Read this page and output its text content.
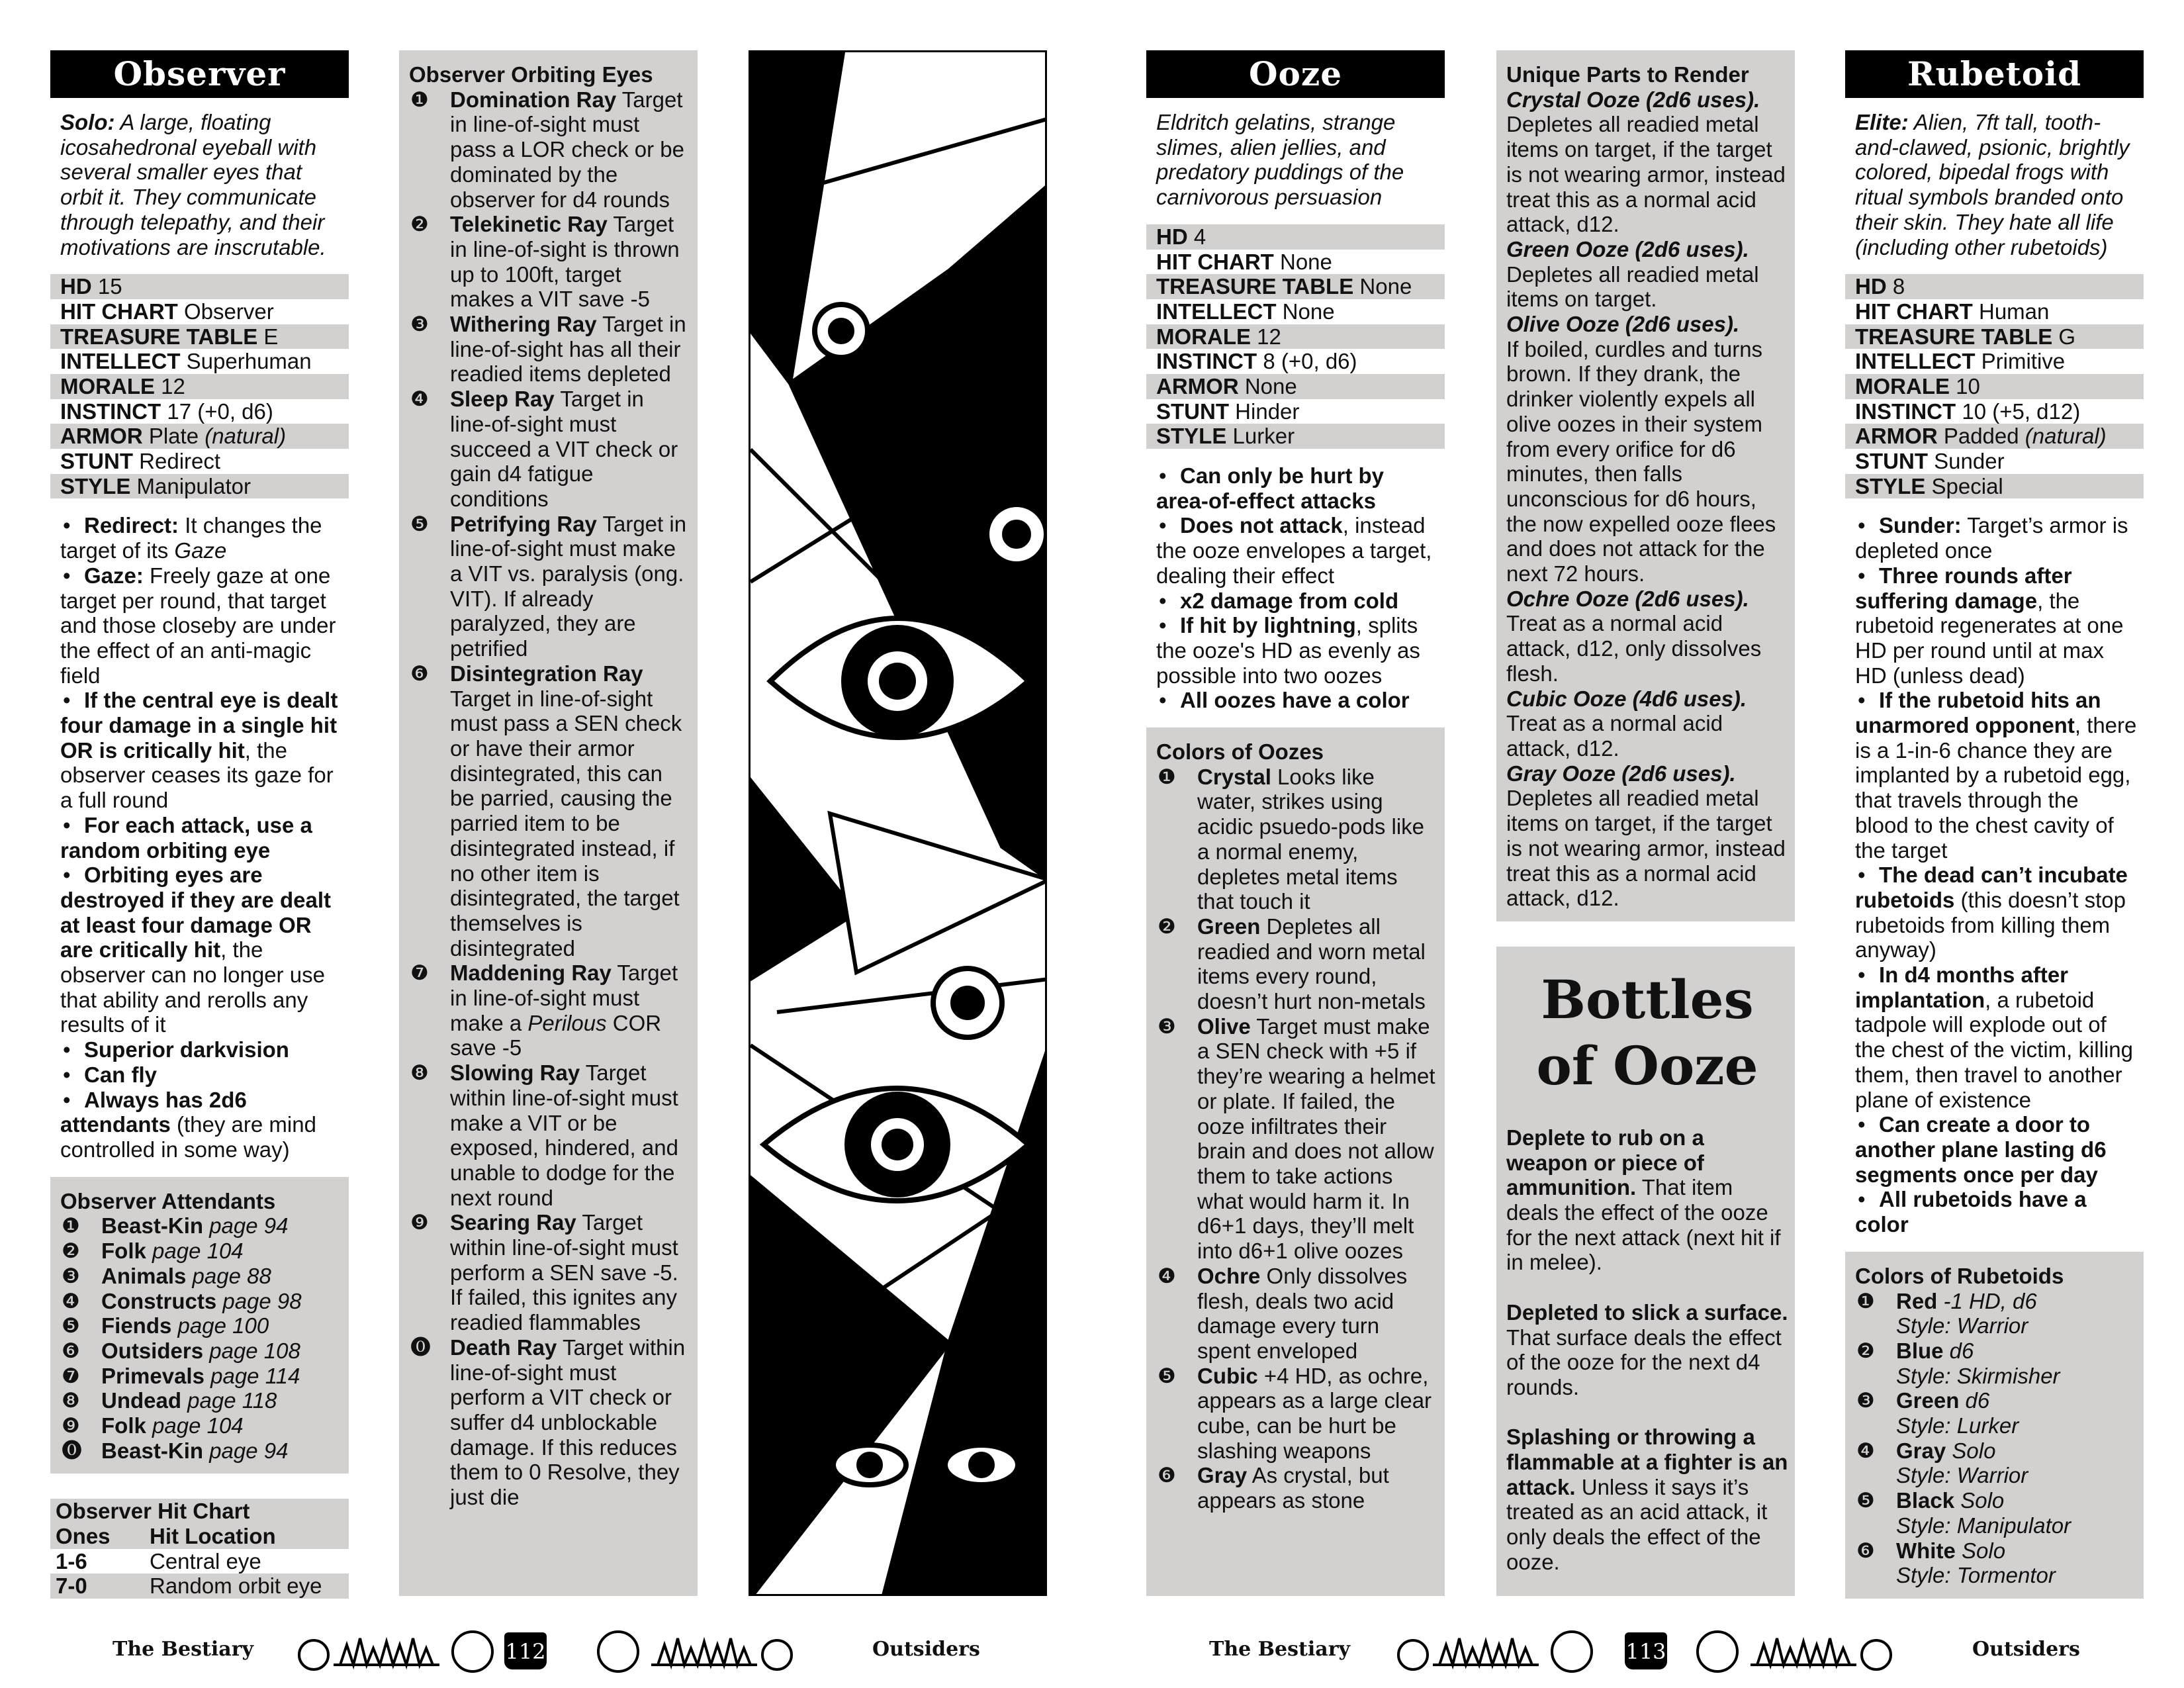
Observer

Solo: A large, floating icosahedronal eyeball with several smaller eyes that orbit it. They communicate through telepathy, and their motivations are inscrutable.

HD 15
HIT CHART Observer
TREASURE TABLE E
INTELLECT Superhuman
MORALE 12
INSTINCT 17 (+0, d6)
ARMOR Plate (natural)
STUNT Redirect
STYLE Manipulator
• Redirect: It changes the target of its Gaze
• Gaze: Freely gaze at one target per round, that target and those closeby are under the effect of an anti-magic field
• If the central eye is dealt four damage in a single hit OR is critically hit, the observer ceases its gaze for a full round
• For each attack, use a random orbiting eye
• Orbiting eyes are destroyed if they are dealt at least four damage OR are critically hit, the observer can no longer use that ability and rerolls any results of it
• Superior darkvision
• Can fly
• Always has 2d6 attendants (they are mind controlled in some way)
Observer Attendants
❶ Beast-Kin page 94
❷ Folk page 104
❸ Animals page 88
❹ Constructs page 98
❺ Fiends page 100
❻ Outsiders page 108
❼ Primevals page 114
❽ Undead page 118
❾ Folk page 104
⓿ Beast-Kin page 94
Observer Hit Chart
Ones	Hit Location
1-6	Central eye
7-0	Random orbit eye
Observer Orbiting Eyes
❶ Domination Ray Target in line-of-sight must pass a LOR check or be dominated by the observer for d4 rounds
❷ Telekinetic Ray Target in line-of-sight is thrown up to 100ft, target makes a VIT save -5
❸ Withering Ray Target in line-of-sight has all their readied items depleted
❹ Sleep Ray Target in line-of-sight must succeed a VIT check or gain d4 fatigue conditions
❺ Petrifying Ray Target in line-of-sight must make a VIT vs. paralysis (ong. VIT). If already paralyzed, they are petrified
❻ Disintegration Ray Target in line-of-sight must pass a SEN check or have their armor disintegrated, this can be parried, causing the parried item to be disintegrated instead, if no other item is disintegrated, the target themselves is disintegrated
❼ Maddening Ray Target in line-of-sight must make a Perilous COR save -5
❽ Slowing Ray Target within line-of-sight must make a VIT or be exposed, hindered, and unable to dodge for the next round
❾ Searing Ray Target within line-of-sight must perform a SEN save -5. If failed, this ignites any readied flammables
⓿ Death Ray Target within line-of-sight must perform a VIT check or suffer d4 unblockable damage. If this reduces them to 0 Resolve, they just die
The Bestiary	112	Outsiders
Ooze

Eldritch gelatins, strange slimes, alien jellies, and predatory puddings of the carnivorous persuasion

HD 4
HIT CHART None
TREASURE TABLE None
INTELLECT None
MORALE 12
INSTINCT 8 (+0, d6)
ARMOR None
STUNT Hinder
STYLE Lurker
• Can only be hurt by area-of-effect attacks
• Does not attack, instead the ooze envelopes a target, dealing their effect
• x2 damage from cold
• If hit by lightning, splits the ooze's HD as evenly as possible into two oozes
• All oozes have a color
Colors of Oozes
❶ Crystal Looks like water, strikes using acidic psuedo-pods like a normal enemy, depletes metal items that touch it
❷ Green Depletes all readied and worn metal items every round, doesn’t hurt non-metals
❸ Olive Target must make a SEN check with +5 if they’re wearing a helmet or plate. If failed, the ooze infiltrates their brain and does not allow them to take actions what would harm it. In d6+1 days, they’ll melt into d6+1 olive oozes
❹ Ochre Only dissolves flesh, deals two acid damage every turn spent enveloped
❺ Cubic +4 HD, as ochre, appears as a large clear cube, can be hurt be slashing weapons
❻ Gray As crystal, but appears as stone
Unique Parts to Render

Crystal Ooze (2d6 uses).
Depletes all readied metal items on target, if the target is not wearing armor, instead treat this as a normal acid attack, d12.

Green Ooze (2d6 uses).
Depletes all readied metal items on target.

Olive Ooze (2d6 uses).
If boiled, curdles and turns brown. If they drank, the drinker violently expels all olive oozes in their system from every orifice for d6 minutes, then falls unconscious for d6 hours, the now expelled ooze flees and does not attack for the next 72 hours.

Ochre Ooze (2d6 uses).
Treat as a normal acid attack, d12, only dissolves flesh.

Cubic Ooze (4d6 uses).
Treat as a normal acid attack, d12.

Gray Ooze (2d6 uses).
Depletes all readied metal items on target, if the target is not wearing armor, instead treat this as a normal acid attack, d12.

Bottles of Ooze

Deplete to rub on a weapon or piece of ammunition. That item deals the effect of the ooze for the next attack (next hit if in melee).

Depleted to slick a surface. That surface deals the effect of the ooze for the next d4 rounds.

Splashing or throwing a flammable at a fighter is an attack. Unless it says it’s treated as an acid attack, it only deals the effect of the ooze.

Rubetoid

Elite: Alien, 7ft tall, tooth-and-clawed, psionic, brightly colored, bipedal frogs with ritual symbols branded onto their skin. They hate all life (including other rubetoids)

HD 8
HIT CHART Human
TREASURE TABLE G
INTELLECT Primitive
MORALE 10
INSTINCT 10 (+5, d12)
ARMOR Padded (natural)
STUNT Sunder
STYLE Special
• Sunder: Target’s armor is depleted once
• Three rounds after suffering damage, the rubetoid regenerates at one HD per round until at max HD (unless dead)
• If the rubetoid hits an unarmored opponent, there is a 1-in-6 chance they are implanted by a rubetoid egg, that travels through the blood to the chest cavity of the target
• The dead can’t incubate rubetoids (this doesn’t stop rubetoids from killing them anyway)
• In d4 months after implantation, a rubetoid tadpole will explode out of the chest of the victim, killing them, then travel to another plane of existence
• Can create a door to another plane lasting d6 segments once per day
• All rubetoids have a color
Colors of Rubetoids
❶ Red -1 HD, d6
Style: Warrior
❷ Blue d6
Style: Skirmisher
❸ Green d6
Style: Lurker
❹ Gray Solo
Style: Warrior
❺ Black Solo
Style: Manipulator
❻ White Solo
Style: Tormentor
The Bestiary	113	Outsiders
